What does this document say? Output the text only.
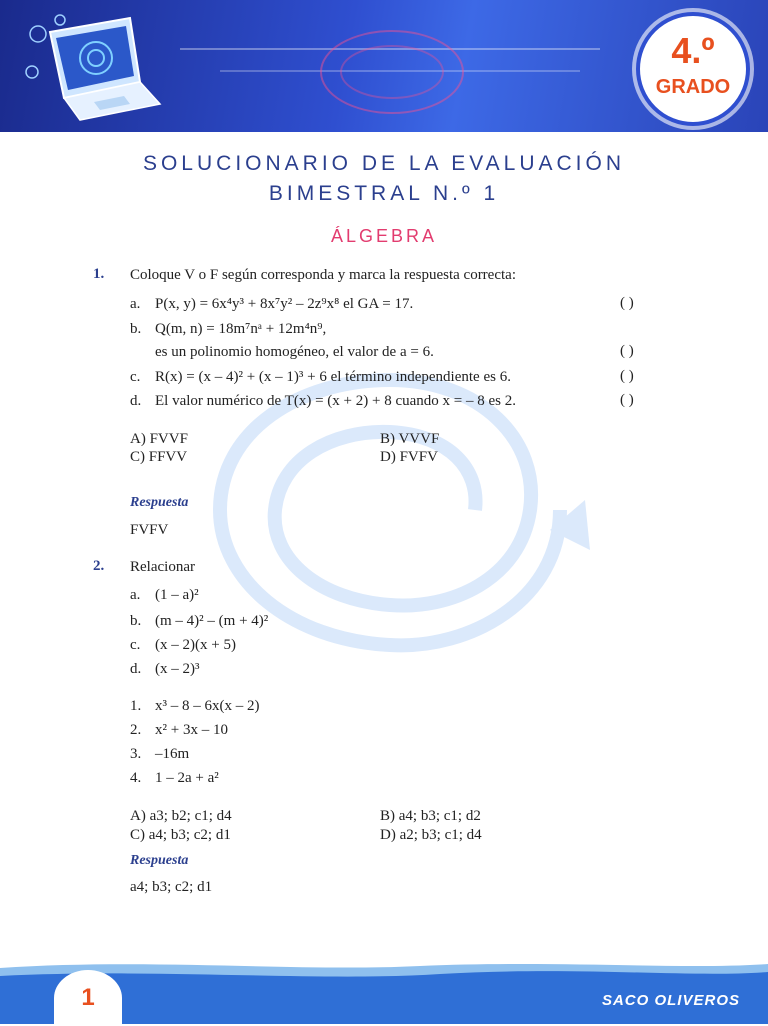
4.º
GRADO
SOLUCIONARIO DE LA EVALUACIÓN
BIMESTRAL N.º 1
ÁLGEBRA
1. Coloque V o F según corresponda y marca la respuesta correcta:
a. P(x, y) = 6x⁴y³ + 8x⁷y² – 2z⁹x⁸ el GA = 17.	( )
b. Q(m, n) = 18m⁷nᵃ + 12m⁴n⁹,
es un polinomio homogéneo, el valor de a = 6.	( )
c. R(x) = (x – 4)² + (x – 1)³ + 6 el término independiente es 6.	( )
d. El valor numérico de T(x) = (x + 2) + 8 cuando x = – 8 es 2.	( )
A) FVVF	B) VVVF
C) FFVV	D) FVFV
Respuesta
FVFV
2. Relacionar
a. (1 – a)²
b. (m – 4)² – (m + 4)²
c. (x – 2)(x + 5)
d. (x – 2)³
1. x³ – 8 – 6x(x – 2)
2. x² + 3x – 10
3. –16m
4. 1 – 2a + a²
A) a3; b2; c1; d4	B) a4; b3; c1; d2
C) a4; b3; c2; d1	D) a2; b3; c1; d4
Respuesta
a4; b3; c2; d1
1	SACO OLIVEROS
